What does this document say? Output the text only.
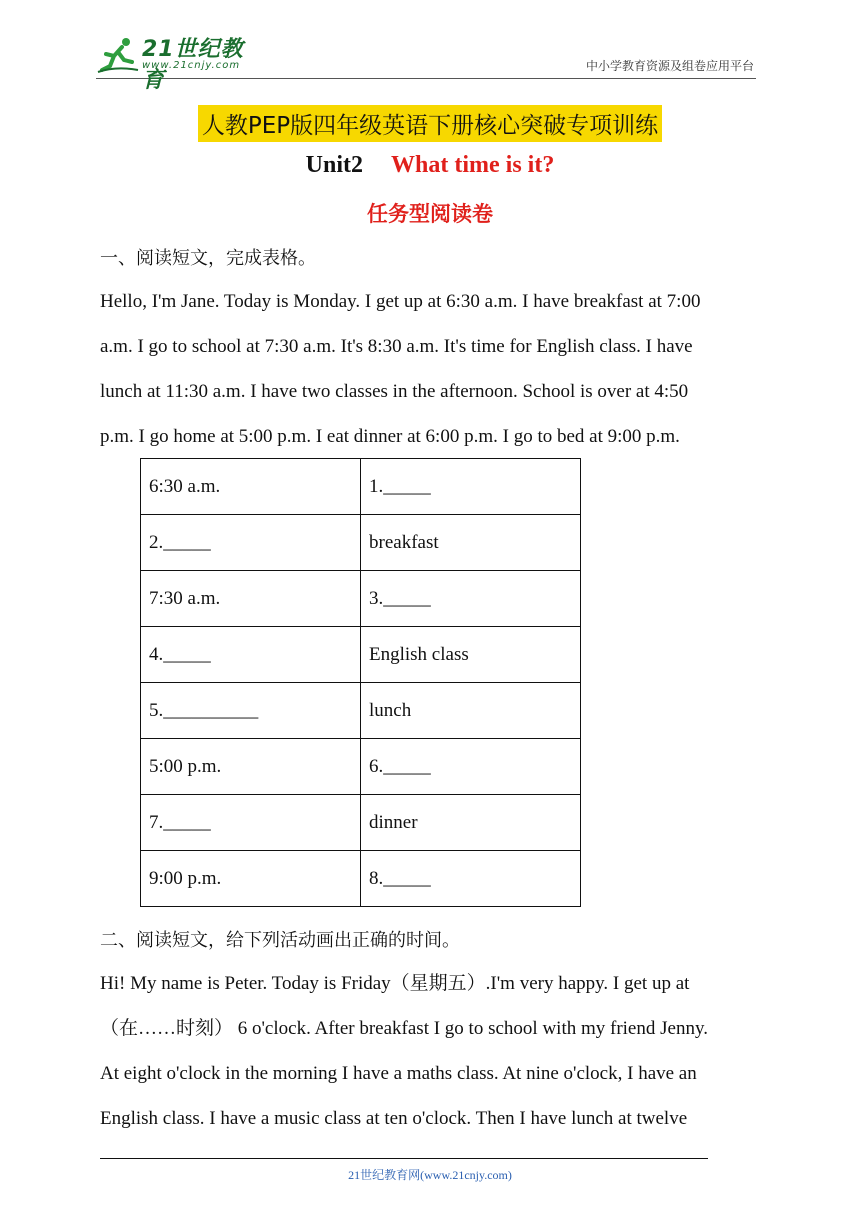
21世纪教育
www.21cnjy.com	中小学教育资源及组卷应用平台
人教PEP版四年级英语下册核心突破专项训练
Unit2 What time is it?
任务型阅读卷
一、阅读短文，完成表格。

Hello, I'm Jane. Today is Monday. I get up at 6:30 a.m. I have breakfast at 7:00

a.m. I go to school at 7:30 a.m. It's 8:30 a.m. It's time for English class. I have

lunch at 11:30 a.m. I have two classes in the afternoon. School is over at 4:50

p.m. I go home at 5:00 p.m. I eat dinner at 6:00 p.m. I go to bed at 9:00 p.m.

6:30 a.m.	1._____
2._____	breakfast
7:30 a.m.	3._____
4._____	English class
5.__________	lunch
5:00 p.m.	6._____
7._____	dinner
9:00 p.m.	8._____
二、阅读短文，给下列活动画出正确的时间。

Hi! My name is Peter. Today is Friday（星期五）.I'm very happy. I get up at

（在……时刻） 6 o'clock. After breakfast I go to school with my friend Jenny.

At eight o'clock in the morning I have a maths class. At nine o'clock, I have an

English class. I have a music class at ten o'clock. Then I have lunch at twelve

21世纪教育网(www.21cnjy.com)
